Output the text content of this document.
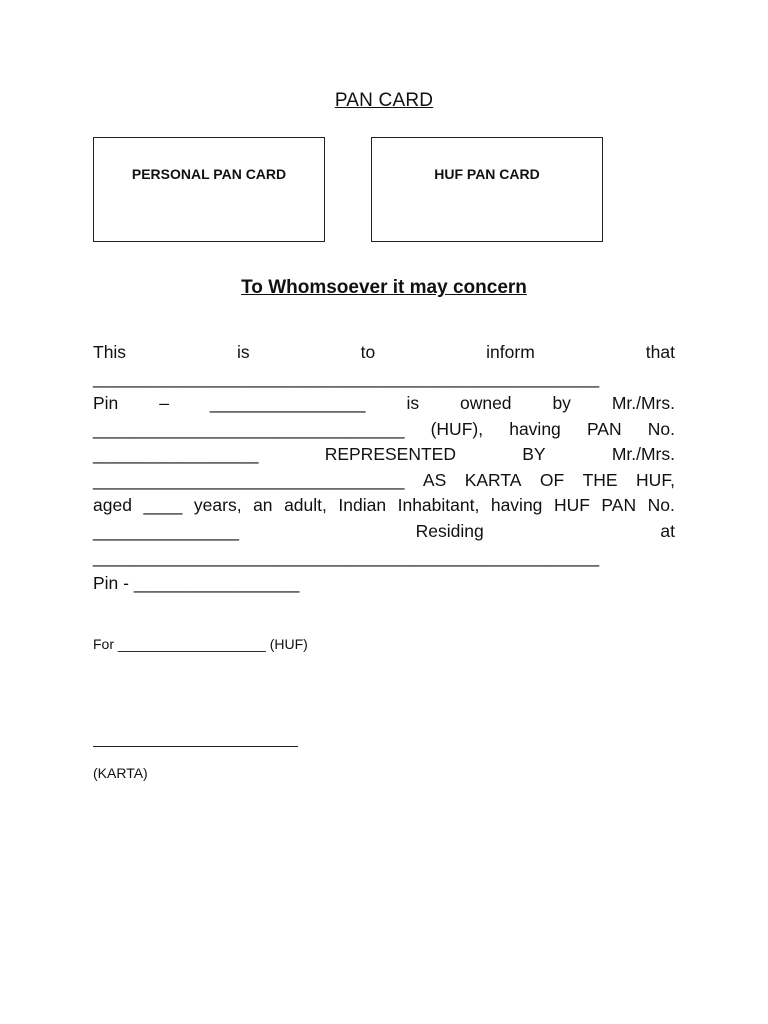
PAN CARD
PERSONAL PAN CARD	HUF PAN CARD
To Whomsoever it may concern
This	is	to	inform	that
____________________________________________________
Pin – ________________ is owned by Mr./Mrs.
________________________________ (HUF), having PAN No.
_________________	REPRESENTED	BY	Mr./Mrs.
________________________________ AS KARTA OF THE HUF,
aged ____ years, an adult, Indian Inhabitant, having HUF PAN No.
_______________	Residing	at
____________________________________________________
Pin - _________________
For ___________________ (HUF)
(KARTA)
